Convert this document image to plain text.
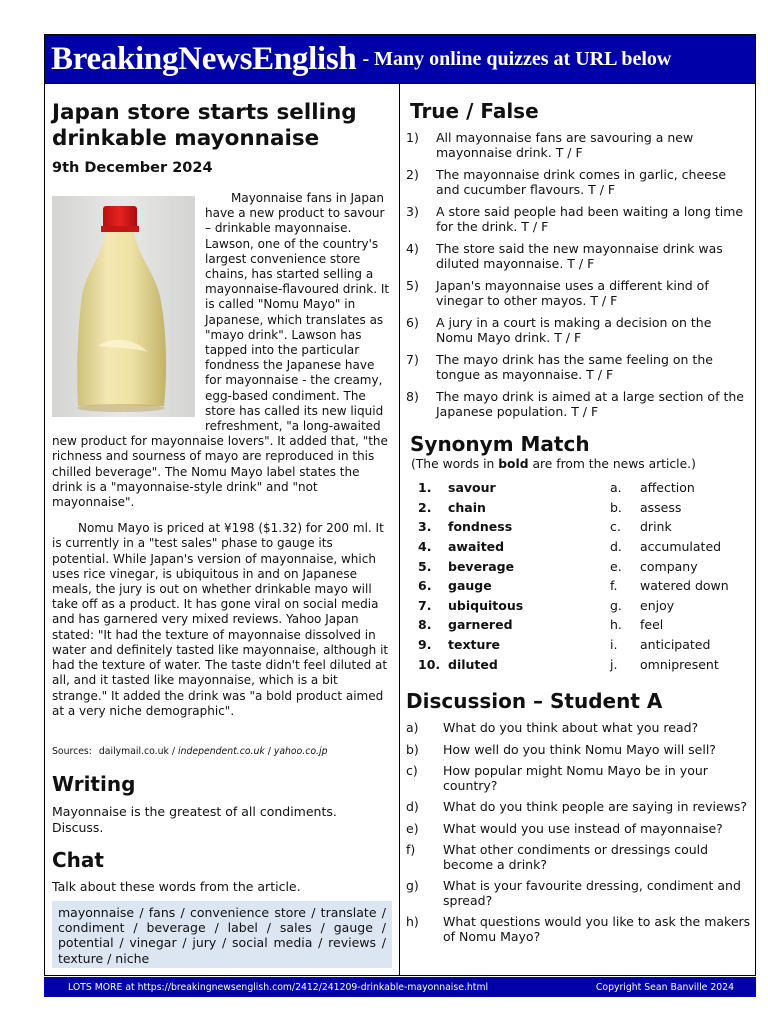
BreakingNewsEnglish - Many online quizzes at URL below
Japan store starts selling drinkable mayonnaise

9th December 2024

Mayonnaise fans in Japan have a new product to savour – drinkable mayonnaise. Lawson, one of the country's largest convenience store chains, has started selling a mayonnaise-flavoured drink. It is called "Nomu Mayo" in Japanese, which translates as "mayo drink". Lawson has tapped into the particular fondness the Japanese have for mayonnaise - the creamy, egg-based condiment. The store has called its new liquid refreshment, "a long-awaited new product for mayonnaise lovers". It added that, "the richness and sourness of mayo are reproduced in this chilled beverage". The Nomu Mayo label states the drink is a "mayonnaise-style drink" and "not mayonnaise".

Nomu Mayo is priced at ¥198 ($1.32) for 200 ml. It is currently in a "test sales" phase to gauge its potential. While Japan's version of mayonnaise, which uses rice vinegar, is ubiquitous in and on Japanese meals, the jury is out on whether drinkable mayo will take off as a product. It has gone viral on social media and has garnered very mixed reviews. Yahoo Japan stated: "It had the texture of mayonnaise dissolved in water and definitely tasted like mayonnaise, although it had the texture of water. The taste didn't feel diluted at all, and it tasted like mayonnaise, which is a bit strange." It added the drink was "a bold product aimed at a very niche demographic".

Sources: dailymail.co.uk / independent.co.uk / yahoo.co.jp

Writing

Mayonnaise is the greatest of all condiments. Discuss.

Chat

Talk about these words from the article.

mayonnaise / fans / convenience store / translate / condiment / beverage / label / sales / gauge / potential / vinegar / jury / social media / reviews / texture / niche
True / False
1) All mayonnaise fans are savouring a new mayonnaise drink. T / F
2) The mayonnaise drink comes in garlic, cheese and cucumber flavours. T / F
3) A store said people had been waiting a long time for the drink. T / F
4) The store said the new mayonnaise drink was diluted mayonnaise. T / F
5) Japan's mayonnaise uses a different kind of vinegar to other mayos. T / F
6) A jury in a court is making a decision on the Nomu Mayo drink. T / F
7) The mayo drink has the same feeling on the tongue as mayonnaise. T / F
8) The mayo drink is aimed at a large section of the Japanese population. T / F
Synonym Match

(The words in bold are from the news article.)

1.	savour	a.	affection
2.	chain	b.	assess
3.	fondness	c.	drink
4.	awaited	d.	accumulated
5.	beverage	e.	company
6.	gauge	f.	watered down
7.	ubiquitous	g.	enjoy
8.	garnered	h.	feel
9.	texture	i.	anticipated
10.	diluted	j.	omnipresent
Discussion – Student A
a) What do you think about what you read?
b) How well do you think Nomu Mayo will sell?
c) How popular might Nomu Mayo be in your country?
d) What do you think people are saying in reviews?
e) What would you use instead of mayonnaise?
f) What other condiments or dressings could become a drink?
g) What is your favourite dressing, condiment and spread?
h) What questions would you like to ask the makers of Nomu Mayo?
LOTS MORE at https://breakingnewsenglish.com/2412/241209-drinkable-mayonnaise.html	Copyright Sean Banville 2024
